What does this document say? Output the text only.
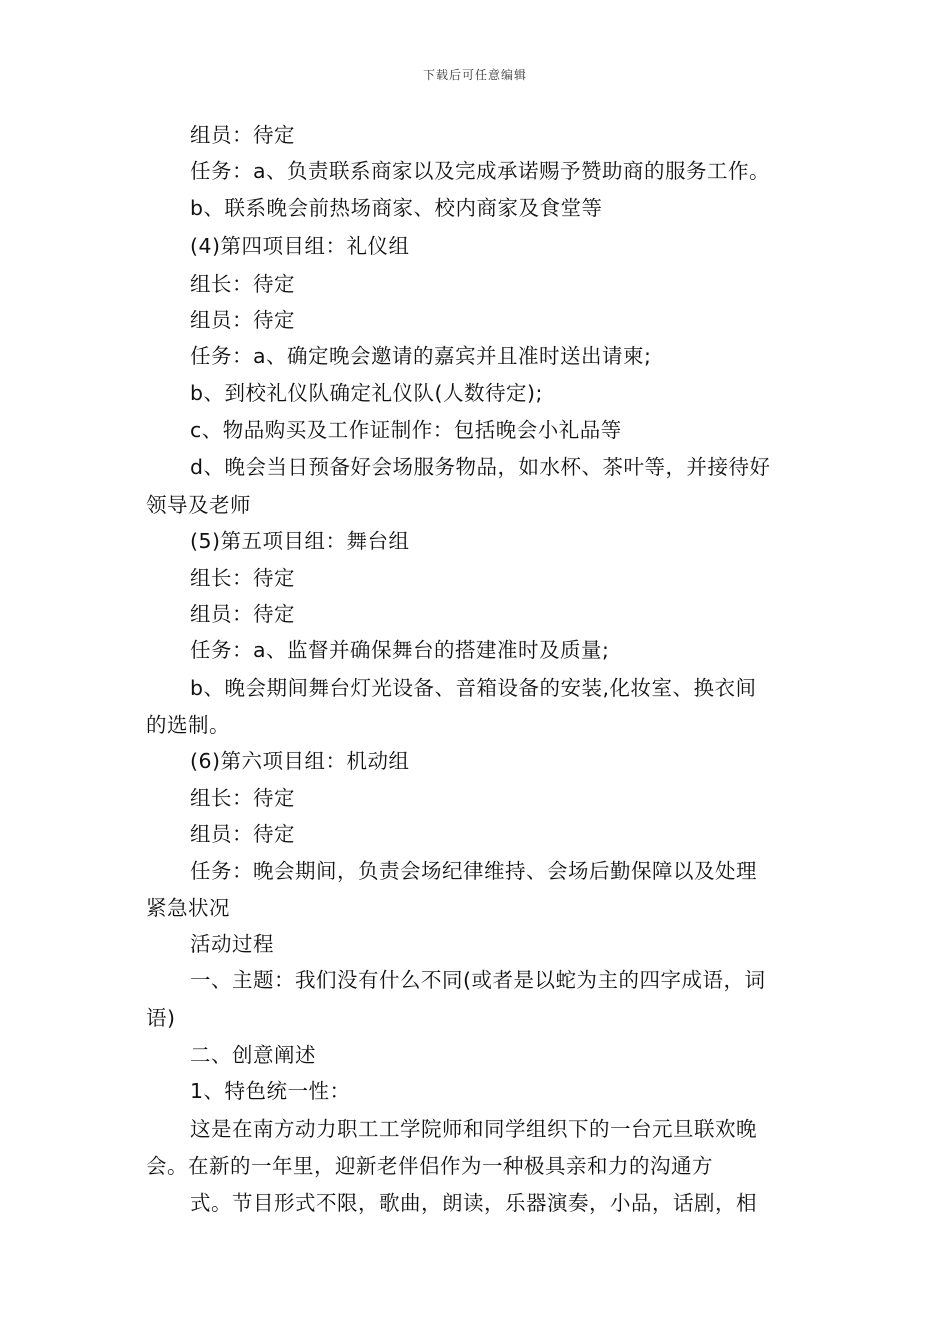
下载后可任意编辑
组员：待定
任务：a、负责联系商家以及完成承诺赐予赞助商的服务工作。
b、联系晚会前热场商家、校内商家及食堂等
(4)第四项目组：礼仪组
组长：待定
组员：待定
任务：a、确定晚会邀请的嘉宾并且准时送出请柬;
b、到校礼仪队确定礼仪队(人数待定);
c、物品购买及工作证制作：包括晚会小礼品等
d、晚会当日预备好会场服务物品，如水杯、茶叶等，并接待好
领导及老师
(5)第五项目组：舞台组
组长：待定
组员：待定
任务：a、监督并确保舞台的搭建准时及质量;
b、晚会期间舞台灯光设备、音箱设备的安装,化妆室、换衣间
的选制。
(6)第六项目组：机动组
组长：待定
组员：待定
任务：晚会期间，负责会场纪律维持、会场后勤保障以及处理
紧急状况
活动过程
一、主题：我们没有什么不同(或者是以蛇为主的四字成语，词
语)
二、创意阐述
1、特色统一性：
这是在南方动力职工工学院师和同学组织下的一台元旦联欢晚
会。在新的一年里，迎新老伴侣作为一种极具亲和力的沟通方
式。节目形式不限，歌曲，朗读，乐器演奏，小品，话剧，相
